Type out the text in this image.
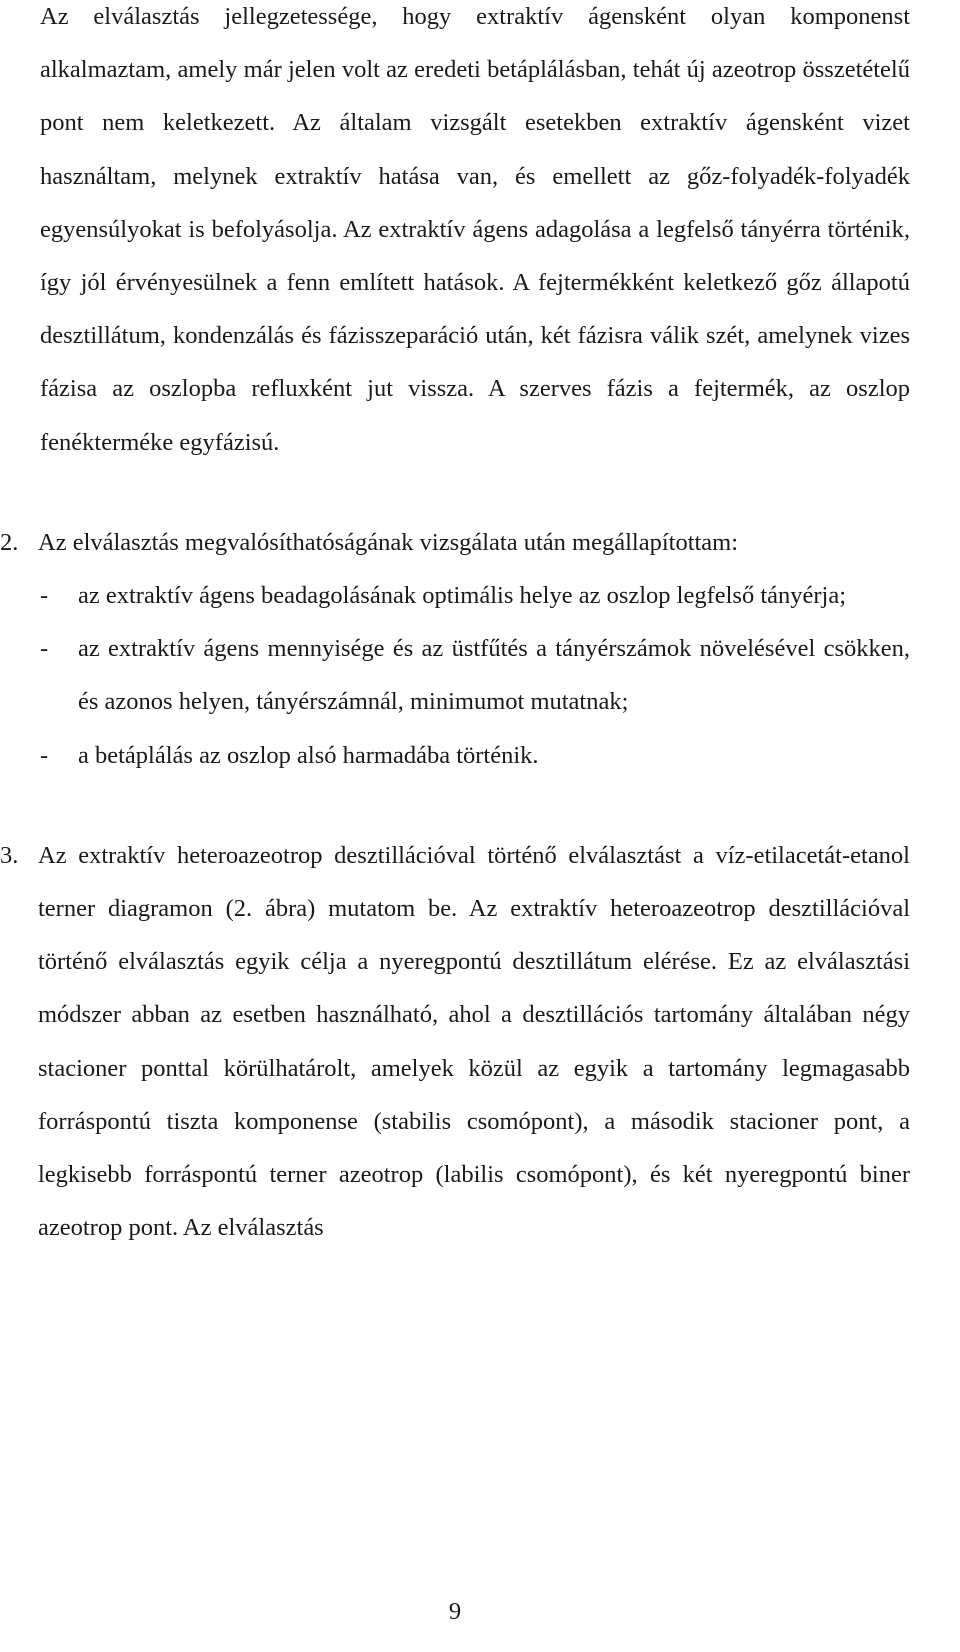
Az elválasztás jellegzetessége, hogy extraktív ágensként olyan komponenst alkalmaztam, amely már jelen volt az eredeti betáplálásban, tehát új azeotrop összetételű pont nem keletkezett. Az általam vizsgált esetekben extraktív ágensként vizet használtam, melynek extraktív hatása van, és emellett az gőz-folyadék-folyadék egyensúlyokat is befolyásolja. Az extraktív ágens adagolása a legfelső tányérra történik, így jól érvényesülnek a fenn említett hatások. A fejtermékként keletkező gőz állapotú desztillátum, kondenzálás és fázisszeparáció után, két fázisra válik szét, amelynek vizes fázisa az oszlopba refluxként jut vissza. A szerves fázis a fejtermék, az oszlop fenékterméke egyfázisú.

2. Az elválasztás megvalósíthatóságának vizsgálata után megállapítottam:

-	az extraktív ágens beadagolásának optimális helye az oszlop legfelső tányérja;
-	az extraktív ágens mennyisége és az üstfűtés a tányérszámok növelésével csökken, és azonos helyen, tányérszámnál, minimumot mutatnak;
-	a betáplálás az oszlop alsó harmadába történik.
3. Az extraktív heteroazeotrop desztillációval történő elválasztást a víz-etilacetát-etanol terner diagramon (2. ábra) mutatom be. Az extraktív heteroazeotrop desztillációval történő elválasztás egyik célja a nyeregpontú desztillátum elérése. Ez az elválasztási módszer abban az esetben használható, ahol a desztillációs tartomány általában négy stacioner ponttal körülhatárolt, amelyek közül az egyik a tartomány legmagasabb forráspontú tiszta komponense (stabilis csomópont), a második stacioner pont, a legkisebb forráspontú terner azeotrop (labilis csomópont), és két nyeregpontú biner azeotrop pont. Az elválasztás

9
